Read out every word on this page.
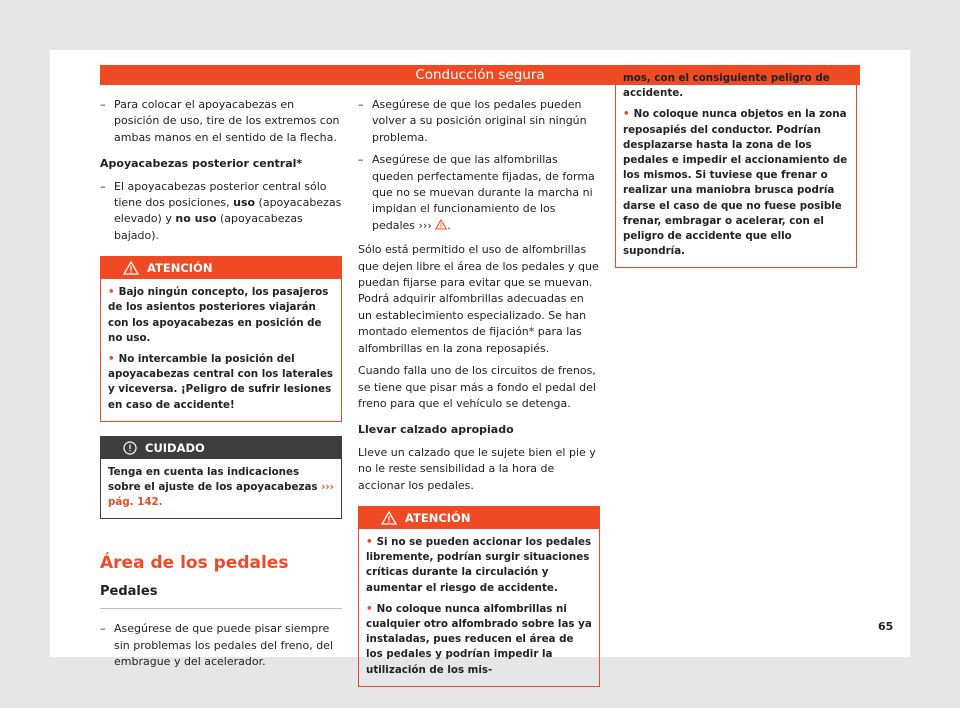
Conducción segura
– Para colocar el apoyacabezas en posición de uso, tire de los extremos con ambas manos en el sentido de la flecha.
Apoyacabezas posterior central*
– El apoyacabezas posterior central sólo tiene dos posiciones, uso (apoyacabezas elevado) y no uso (apoyacabezas bajado).
ATENCIÓN
• Bajo ningún concepto, los pasajeros de los asientos posteriores viajarán con los apoyacabezas en posición de no uso.
• No intercambie la posición del apoyacabezas central con los laterales y viceversa. ¡Peligro de sufrir lesiones en caso de accidente!
CUIDADO
Tenga en cuenta las indicaciones sobre el ajuste de los apoyacabezas ››› pág. 142.
Área de los pedales
Pedales
– Asegúrese de que puede pisar siempre sin problemas los pedales del freno, del embrague y del acelerador.
– Asegúrese de que los pedales pueden volver a su posición original sin ningún problema.
– Asegúrese de que las alfombrillas queden perfectamente fijadas, de forma que no se muevan durante la marcha ni impidan el funcionamiento de los pedales ››› .
Sólo está permitido el uso de alfombrillas que dejen libre el área de los pedales y que puedan fijarse para evitar que se muevan. Podrá adquirir alfombrillas adecuadas en un establecimiento especializado. Se han montado elementos de fijación* para las alfombrillas en la zona reposapiés.
Cuando falla uno de los circuitos de frenos, se tiene que pisar más a fondo el pedal del freno para que el vehículo se detenga.
Llevar calzado apropiado
Lleve un calzado que le sujete bien el pie y no le reste sensibilidad a la hora de accionar los pedales.
ATENCIÓN
• Si no se pueden accionar los pedales libremente, podrían surgir situaciones críticas durante la circulación y aumentar el riesgo de accidente.
• No coloque nunca alfombrillas ni cualquier otro alfombrado sobre las ya instaladas, pues reducen el área de los pedales y podrían impedir la utilización de los mis-
mos, con el consiguiente peligro de accidente.
• No coloque nunca objetos en la zona reposapiés del conductor. Podrían desplazarse hasta la zona de los pedales e impedir el accionamiento de los mismos. Si tuviese que frenar o realizar una maniobra brusca podría darse el caso de que no fuese posible frenar, embragar o acelerar, con el peligro de accidente que ello supondría.
65
